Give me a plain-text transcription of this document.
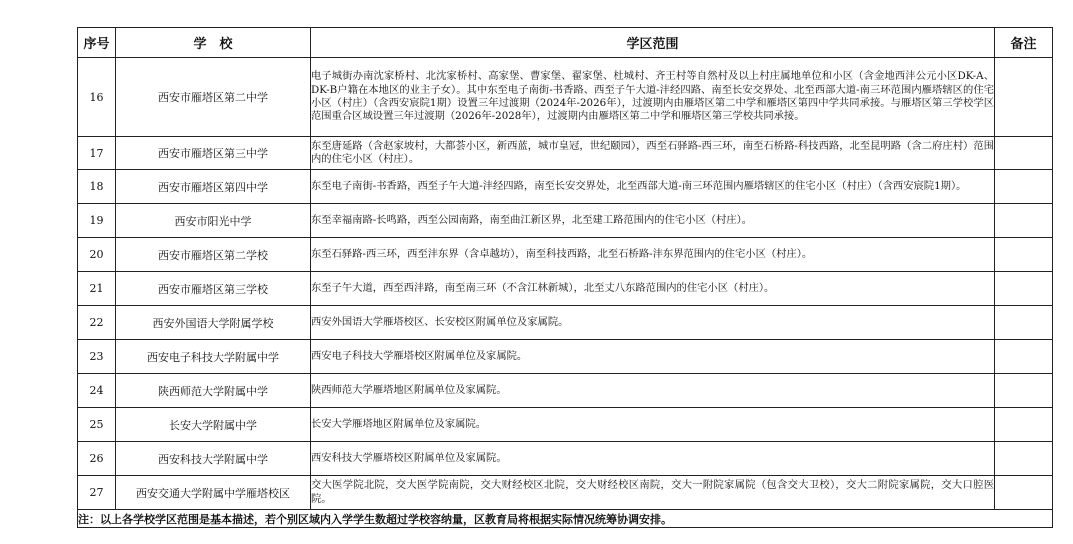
序号	学　校	学区范围	备注
16	西安市雁塔区第二中学	电子城街办南沈家桥村、北沈家桥村、高家堡、曹家堡、翟家堡、杜城村、齐王村等自然村及以上村庄属地单位和小区（含金地西沣公元小区DK-A、DK-B户籍在本地区的业主子女）。其中东至电子南街-书香路、西至子午大道-沣经四路、南至长安交界处、北至西部大道-南三环范围内雁塔辖区的住宅小区（村庄）（含西安宸院1期）设置三年过渡期（2024年-2026年），过渡期内由雁塔区第二中学和雁塔区第四中学共同承接。与雁塔区第三学校学区范围重合区域设置三年过渡期（2026年-2028年），过渡期内由雁塔区第二中学和雁塔区第三学校共同承接。	
17	西安市雁塔区第三中学	东至唐延路（含赵家坡村，大都荟小区，新西蓝，城市皇冠，世纪颐园），西至石驿路-西三环，南至石桥路-科技西路，北至昆明路（含二府庄村）范围内的住宅小区（村庄）。	
18	西安市雁塔区第四中学	东至电子南街-书香路，西至子午大道-沣经四路，南至长安交界处，北至西部大道-南三环范围内雁塔辖区的住宅小区（村庄）（含西安宸院1期）。	
19	西安市阳光中学	东至幸福南路-长鸣路，西至公园南路，南至曲江新区界，北至建工路范围内的住宅小区（村庄）。	
20	西安市雁塔区第二学校	东至石驿路-西三环，西至沣东界（含卓越坊），南至科技西路，北至石桥路-沣东界范围内的住宅小区（村庄）。	
21	西安市雁塔区第三学校	东至子午大道，西至西沣路，南至南三环（不含江林新城），北至丈八东路范围内的住宅小区（村庄）。	
22	西安外国语大学附属学校	西安外国语大学雁塔校区、长安校区附属单位及家属院。	
23	西安电子科技大学附属中学	西安电子科技大学雁塔校区附属单位及家属院。	
24	陕西师范大学附属中学	陕西师范大学雁塔地区附属单位及家属院。	
25	长安大学附属中学	长安大学雁塔地区附属单位及家属院。	
26	西安科技大学附属中学	西安科技大学雁塔校区附属单位及家属院。	
27	西安交通大学附属中学雁塔校区	交大医学院北院，交大医学院南院，交大财经校区北院，交大财经校区南院，交大一附院家属院（包含交大卫校），交大二附院家属院，交大口腔医院。	
注：以上各学校学区范围是基本描述，若个别区域内入学学生数超过学校容纳量，区教育局将根据实际情况统筹协调安排。			
